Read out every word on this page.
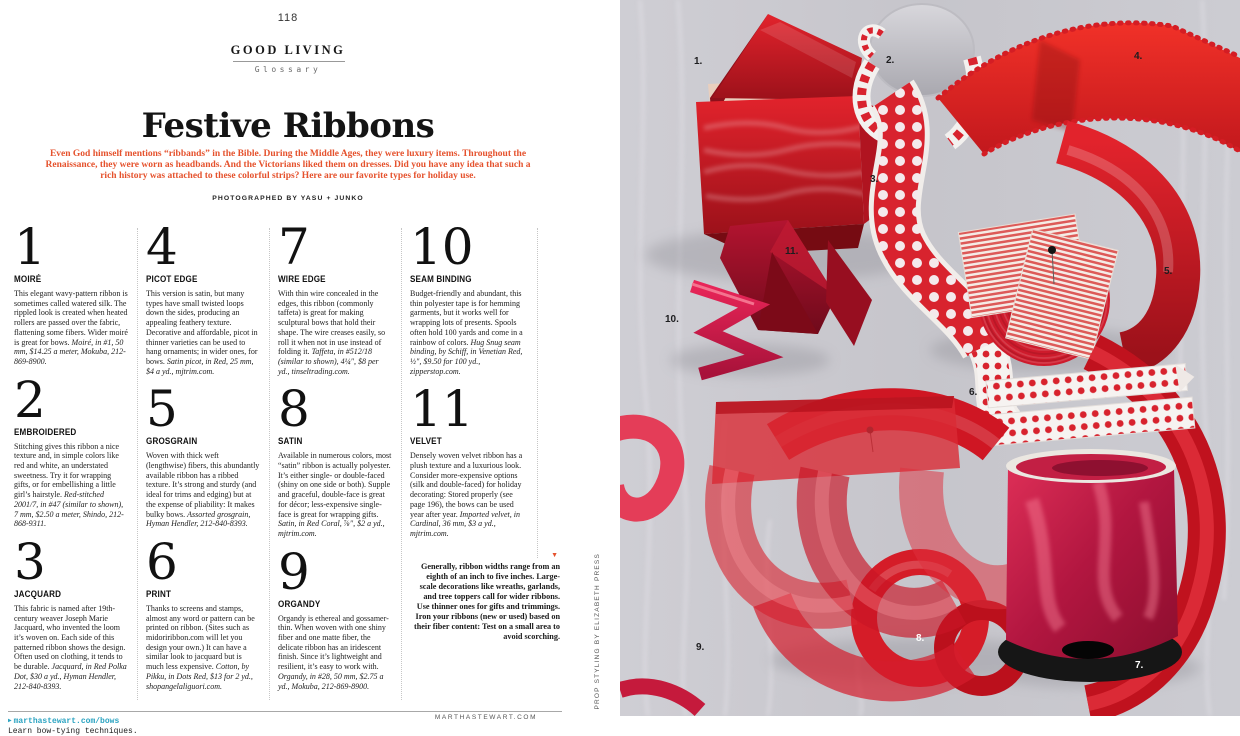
118
GOOD LIVING
Glossary
Festive Ribbons

Even God himself mentions “ribbands” in the Bible. During the Middle Ages, they were luxury items. Throughout the Renaissance, they were worn as headbands. And the Victorians liked them on dresses. Did you have any idea that such a rich history was attached to these colorful strips? Here are our favorite types for holiday use.

PHOTOGRAPHED BY YASU + JUNKO
1
MOIRÉ

This elegant wavy-pattern ribbon is sometimes called watered silk. The rippled look is created when heated rollers are passed over the fabric, flattening some fibers. Wider moiré is great for bows. Moiré, in #1, 50 mm, $14.25 a meter, Mokuba, 212-869-8900.

2
EMBROIDERED

Stitching gives this ribbon a nice texture and, in simple colors like red and white, an understated sweetness. Try it for wrapping gifts, or for embellishing a little girl’s hairstyle. Red-stitched 2001/7, in #47 (similar to shown), 7 mm, $2.50 a meter, Shindo, 212-868-9311.

3
JACQUARD

This fabric is named after 19th-century weaver Joseph Marie Jacquard, who invented the loom it’s woven on. Each side of this patterned ribbon shows the design. Often used on clothing, it tends to be durable. Jacquard, in Red Polka Dot, $30 a yd., Hyman Hendler, 212-840-8393.

4
PICOT EDGE

This version is satin, but many types have small twisted loops down the sides, producing an appealing feathery texture. Decorative and affordable, picot in thinner varieties can be used to hang ornaments; in wider ones, for bows. Satin picot, in Red, 25 mm, $4 a yd., mjtrim.com.

5
GROSGRAIN

Woven with thick weft (lengthwise) fibers, this abundantly available ribbon has a ribbed texture. It’s strong and sturdy (and ideal for trims and edging) but at the expense of pliability: It makes bulky bows. Assorted grosgrain, Hyman Hendler, 212-840-8393.

6
PRINT

Thanks to screens and stamps, almost any word or pattern can be printed on ribbon. (Sites such as midoriribbon.com will let you design your own.) It can have a similar look to jacquard but is much less expensive. Cotton, by Pikku, in Dots Red, $13 for 2 yd., shopangelaliguori.com.

7
WIRE EDGE

With thin wire concealed in the edges, this ribbon (commonly taffeta) is great for making sculptural bows that hold their shape. The wire creases easily, so roll it when not in use instead of folding it. Taffeta, in #512/18 (similar to shown), 4¼″, $8 per yd., tinseltrading.com.

8
SATIN

Available in numerous colors, most “satin” ribbon is actually polyester. It’s either single- or double-faced (shiny on one side or both). Supple and graceful, double-face is great for décor; less-expensive single-face is great for wrapping gifts. Satin, in Red Coral, ⅞″, $2 a yd., mjtrim.com.

9
ORGANDY

Organdy is ethereal and gossamer-thin. When woven with one shiny fiber and one matte fiber, the delicate ribbon has an iridescent finish. Since it’s lightweight and resilient, it’s easy to work with. Organdy, in #28, 50 mm, $2.75 a yd., Mokuba, 212-869-8900.

10
SEAM BINDING

Budget-friendly and abundant, this thin polyester tape is for hemming garments, but it works well for wrapping lots of presents. Spools often hold 100 yards and come in a rainbow of colors. Hug Snug seam binding, by Schiff, in Venetian Red, ½″, $9.50 for 100 yd., zipperstop.com.

11
VELVET

Densely woven velvet ribbon has a plush texture and a luxurious look. Consider more-expensive options (silk and double-faced) for holiday decorating: Stored properly (see page 196), the bows can be used year after year. Imported velvet, in Cardinal, 36 mm, $3 a yd., mjtrim.com.

▼

Generally, ribbon widths range from an eighth of an inch to five inches. Large-scale decorations like wreaths, garlands, and tree toppers call for wider ribbons. Use thinner ones for gifts and trimmings. Iron your ribbons (new or used) based on their fiber content: Test on a small area to avoid scorching.

▶ marthastewart.com/bows
Learn bow-tying techniques.
MARTHASTEWART.COM
PROP STYLING BY ELIZABETH PRESS
1.	2.
3.
4.
5.
6.
7.
8.
9.
10.
11.
